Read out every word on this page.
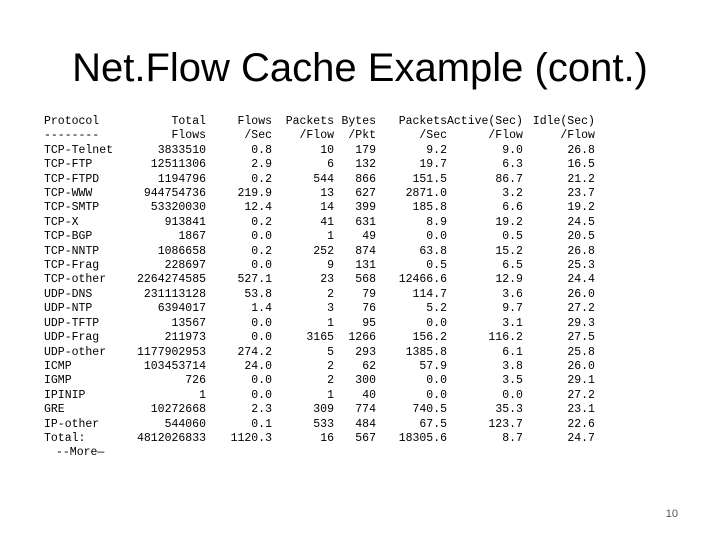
Net.Flow Cache Example (cont.)
Protocol	Total	Flows	Packets	Bytes	Packets	Active(Sec)	Idle(Sec)
--------	Flows	/Sec	/Flow	/Pkt	/Sec	/Flow	/Flow
TCP-Telnet	3833510	0.8	10	179	9.2	9.0	26.8
TCP-FTP	12511306	2.9	6	132	19.7	6.3	16.5
TCP-FTPD	1194796	0.2	544	866	151.5	86.7	21.2
TCP-WWW	944754736	219.9	13	627	2871.0	3.2	23.7
TCP-SMTP	53320030	12.4	14	399	185.8	6.6	19.2
TCP-X	913841	0.2	41	631	8.9	19.2	24.5
TCP-BGP	1867	0.0	1	49	0.0	0.5	20.5
TCP-NNTP	1086658	0.2	252	874	63.8	15.2	26.8
TCP-Frag	228697	0.0	9	131	0.5	6.5	25.3
TCP-other	2264274585	527.1	23	568	12466.6	12.9	24.4
UDP-DNS	231113128	53.8	2	79	114.7	3.6	26.0
UDP-NTP	6394017	1.4	3	76	5.2	9.7	27.2
UDP-TFTP	13567	0.0	1	95	0.0	3.1	29.3
UDP-Frag	211973	0.0	3165	1266	156.2	116.2	27.5
UDP-other	1177902953	274.2	5	293	1385.8	6.1	25.8
ICMP	103453714	24.0	2	62	57.9	3.8	26.0
IGMP	726	0.0	2	300	0.0	3.5	29.1
IPINIP	1	0.0	1	40	0.0	0.0	27.2
GRE	10272668	2.3	309	774	740.5	35.3	23.1
IP-other	544060	0.1	533	484	67.5	123.7	22.6
Total:	4812026833	1120.3	16	567	18305.6	8.7	24.7
--More—
10
